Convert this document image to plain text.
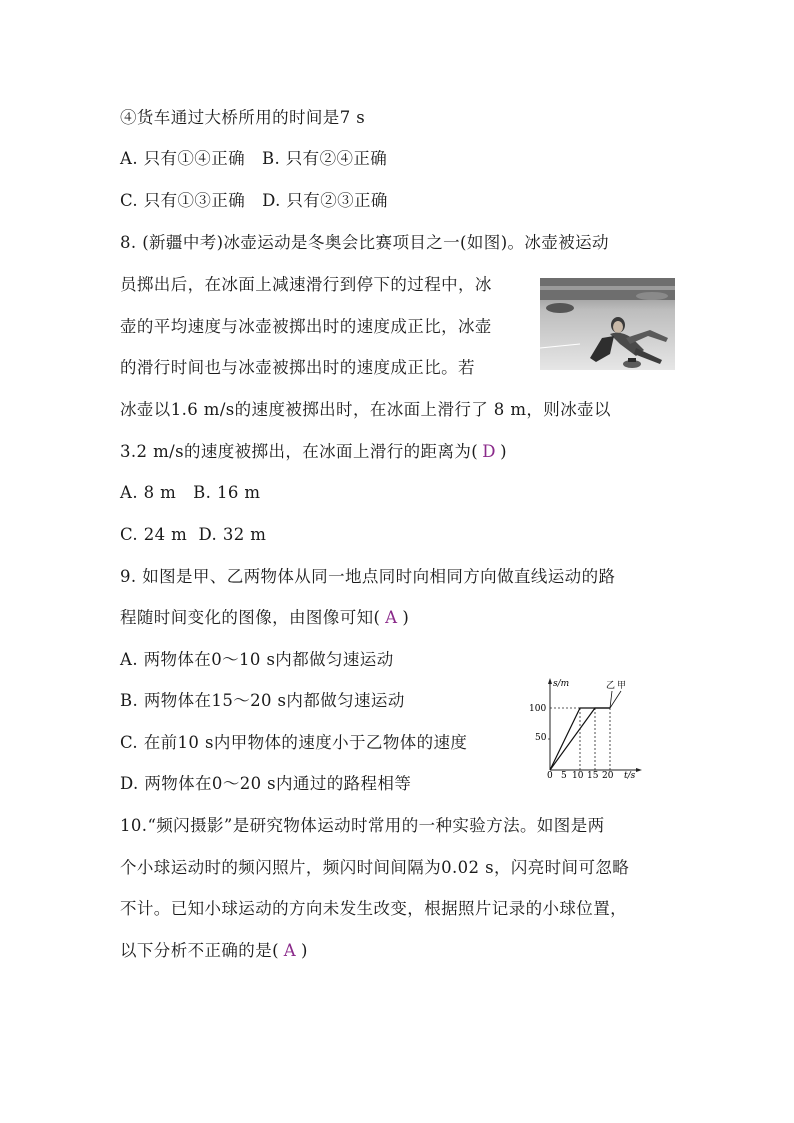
④货车通过大桥所用的时间是7 s
A. 只有①④正确 B. 只有②④正确
C. 只有①③正确 D. 只有②③正确
8. (新疆中考)冰壶运动是冬奥会比赛项目之一(如图)。冰壶被运动
员掷出后，在冰面上减速滑行到停下的过程中，冰
壶的平均速度与冰壶被掷出时的速度成正比，冰壶
的滑行时间也与冰壶被掷出时的速度成正比。若
冰壶以1.6 m/s的速度被掷出时，在冰面上滑行了 8 m，则冰壶以
3.2 m/s的速度被掷出，在冰面上滑行的距离为( D )
A. 8 m B. 16 m
C. 24 m D. 32 m
9. 如图是甲、乙两物体从同一地点同时向相同方向做直线运动的路
程随时间变化的图像，由图像可知( A )
A. 两物体在0～10 s内都做匀速运动
B. 两物体在15～20 s内都做匀速运动
C. 在前10 s内甲物体的速度小于乙物体的速度
D. 两物体在0～20 s内通过的路程相等
s/m
t/s
100
50
0 5 10 15 20
乙 甲
10.“频闪摄影”是研究物体运动时常用的一种实验方法。如图是两
个小球运动时的频闪照片，频闪时间间隔为0.02 s，闪亮时间可忽略
不计。已知小球运动的方向未发生改变，根据照片记录的小球位置，
以下分析不正确的是( A )
